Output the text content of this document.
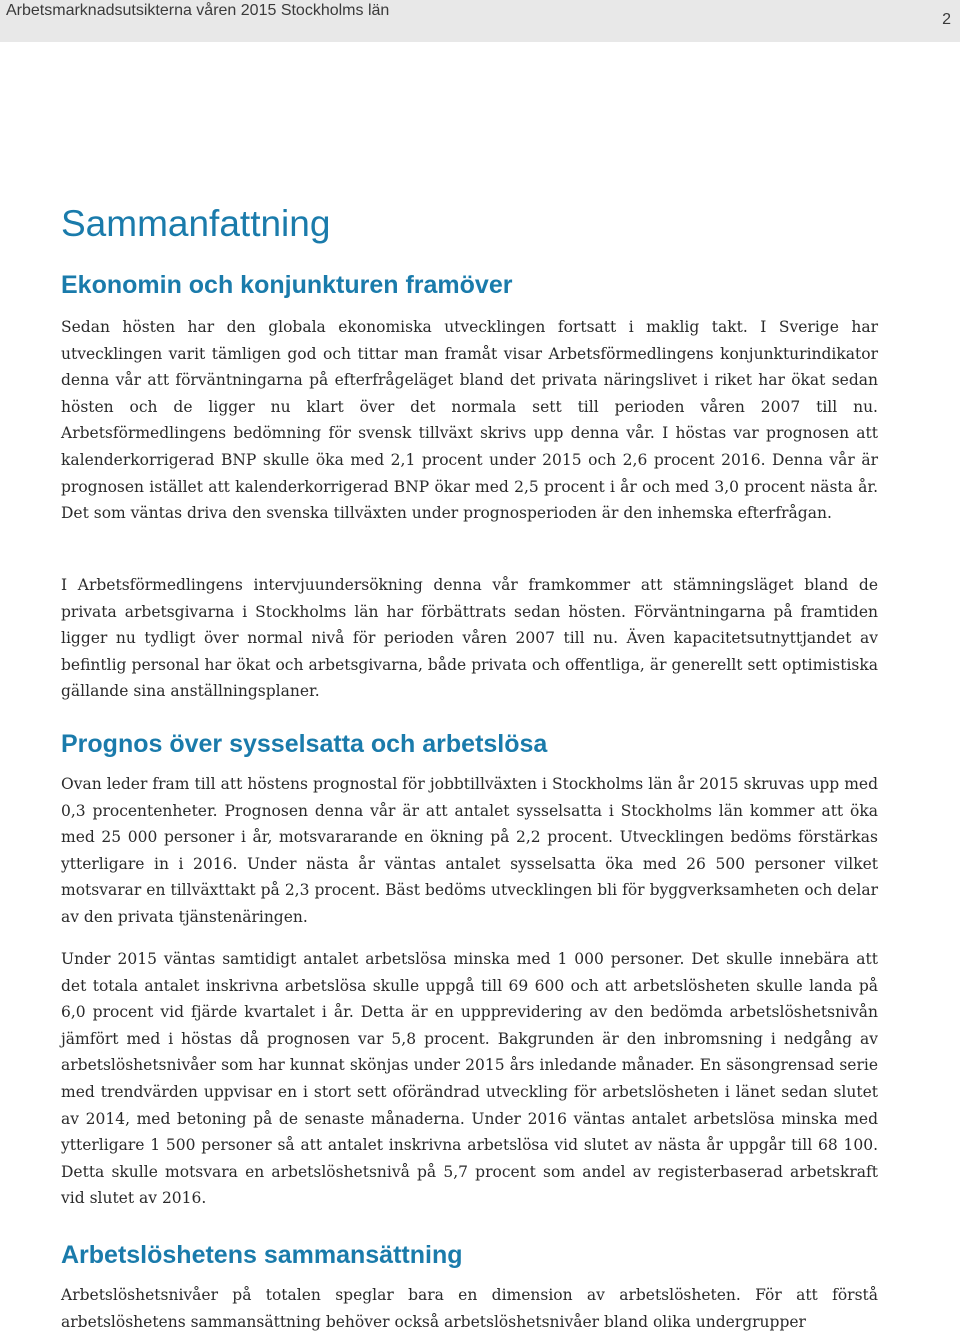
Arbetsmarknadsutsikterna våren 2015 Stockholms län
2
Sammanfattning
Ekonomin och konjunkturen framöver

Sedan hösten har den globala ekonomiska utvecklingen fortsatt i maklig takt. I Sverige har utvecklingen varit tämligen god och tittar man framåt visar Arbetsförmedlingens konjunkturindikator denna vår att förväntningarna på efterfrågeläget bland det privata näringslivet i riket har ökat sedan hösten och de ligger nu klart över det normala sett till perioden våren 2007 till nu. Arbetsförmedlingens bedömning för svensk tillväxt skrivs upp denna vår. I höstas var prognosen att kalenderkorrigerad BNP skulle öka med 2,1 procent under 2015 och 2,6 procent 2016. Denna vår är prognosen istället att kalenderkorrigerad BNP ökar med 2,5 procent i år och med 3,0 procent nästa år. Det som väntas driva den svenska tillväxten under prognosperioden är den inhemska efterfrågan.

I Arbetsförmedlingens intervjuundersökning denna vår framkommer att stämningsläget bland de privata arbetsgivarna i Stockholms län har förbättrats sedan hösten. Förväntningarna på framtiden ligger nu tydligt över normal nivå för perioden våren 2007 till nu. Även kapacitetsutnyttjandet av befintlig personal har ökat och arbetsgivarna, både privata och offentliga, är generellt sett optimistiska gällande sina anställningsplaner.

Prognos över sysselsatta och arbetslösa

Ovan leder fram till att höstens prognostal för jobbtillväxten i Stockholms län år 2015 skruvas upp med 0,3 procentenheter. Prognosen denna vår är att antalet sysselsatta i Stockholms län kommer att öka med 25 000 personer i år, motsvararande en ökning på 2,2 procent. Utvecklingen bedöms förstärkas ytterligare in i 2016. Under nästa år väntas antalet sysselsatta öka med 26 500 personer vilket motsvarar en tillväxttakt på 2,3 procent. Bäst bedöms utvecklingen bli för byggverksamheten och delar av den privata tjänstenäringen.

Under 2015 väntas samtidigt antalet arbetslösa minska med 1 000 personer. Det skulle innebära att det totala antalet inskrivna arbetslösa skulle uppgå till 69 600 och att arbetslösheten skulle landa på 6,0 procent vid fjärde kvartalet i år. Detta är en uppprevidering av den bedömda arbetslöshetsnivån jämfört med i höstas då prognosen var 5,8 procent. Bakgrunden är den inbromsning i nedgång av arbetslöshetsnivåer som har kunnat skönjas under 2015 års inledande månader. En säsongrensad serie med trendvärden uppvisar en i stort sett oförändrad utveckling för arbetslösheten i länet sedan slutet av 2014, med betoning på de senaste månaderna. Under 2016 väntas antalet arbetslösa minska med ytterligare 1 500 personer så att antalet inskrivna arbetslösa vid slutet av nästa år uppgår till 68 100. Detta skulle motsvara en arbetslöshetsnivå på 5,7 procent som andel av registerbaserad arbetskraft vid slutet av 2016.

Arbetslöshetens sammansättning

Arbetslöshetsnivåer på totalen speglar bara en dimension av arbetslösheten. För att förstå arbetslöshetens sammansättning behöver också arbetslöshetsnivåer bland olika undergrupper
